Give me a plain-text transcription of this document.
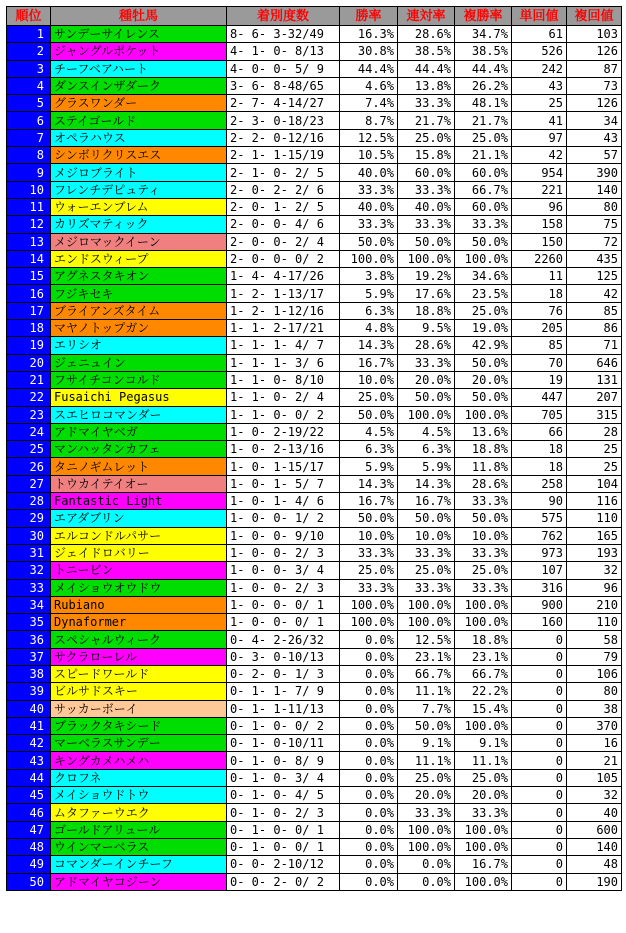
順位	種牡馬	着別度数	勝率	連対率	複勝率	単回値	複回値
1	サンデーサイレンス	8- 6- 3-32/49	16.3%	28.6%	34.7%	61	103
2	ジャングルポケット	4- 1- 0- 8/13	30.8%	38.5%	38.5%	526	126
3	チーフベアハート	4- 0- 0- 5/ 9	44.4%	44.4%	44.4%	242	87
4	ダンスインザダーク	3- 6- 8-48/65	4.6%	13.8%	26.2%	43	73
5	グラスワンダー	2- 7- 4-14/27	7.4%	33.3%	48.1%	25	126
6	ステイゴールド	2- 3- 0-18/23	8.7%	21.7%	21.7%	41	34
7	オペラハウス	2- 2- 0-12/16	12.5%	25.0%	25.0%	97	43
8	シンボリクリスエス	2- 1- 1-15/19	10.5%	15.8%	21.1%	42	57
9	メジロブライト	2- 1- 0- 2/ 5	40.0%	60.0%	60.0%	954	390
10	フレンチデピュティ	2- 0- 2- 2/ 6	33.3%	33.3%	66.7%	221	140
11	ウォーエンブレム	2- 0- 1- 2/ 5	40.0%	40.0%	60.0%	96	80
12	カリズマティック	2- 0- 0- 4/ 6	33.3%	33.3%	33.3%	158	75
13	メジロマックイーン	2- 0- 0- 2/ 4	50.0%	50.0%	50.0%	150	72
14	エンドスウィープ	2- 0- 0- 0/ 2	100.0%	100.0%	100.0%	2260	435
15	アグネスタキオン	1- 4- 4-17/26	3.8%	19.2%	34.6%	11	125
16	フジキセキ	1- 2- 1-13/17	5.9%	17.6%	23.5%	18	42
17	ブライアンズタイム	1- 2- 1-12/16	6.3%	18.8%	25.0%	76	85
18	マヤノトップガン	1- 1- 2-17/21	4.8%	9.5%	19.0%	205	86
19	エリシオ	1- 1- 1- 4/ 7	14.3%	28.6%	42.9%	85	71
20	ジェニュイン	1- 1- 1- 3/ 6	16.7%	33.3%	50.0%	70	646
21	フサイチコンコルド	1- 1- 0- 8/10	10.0%	20.0%	20.0%	19	131
22	Fusaichi Pegasus	1- 1- 0- 2/ 4	25.0%	50.0%	50.0%	447	207
23	スエヒロコマンダー	1- 1- 0- 0/ 2	50.0%	100.0%	100.0%	705	315
24	アドマイヤベガ	1- 0- 2-19/22	4.5%	4.5%	13.6%	66	28
25	マンハッタンカフェ	1- 0- 2-13/16	6.3%	6.3%	18.8%	18	25
26	タニノギムレット	1- 0- 1-15/17	5.9%	5.9%	11.8%	18	25
27	トウカイテイオー	1- 0- 1- 5/ 7	14.3%	14.3%	28.6%	258	104
28	Fantastic Light	1- 0- 1- 4/ 6	16.7%	16.7%	33.3%	90	116
29	エアダブリン	1- 0- 0- 1/ 2	50.0%	50.0%	50.0%	575	110
30	エルコンドルパサー	1- 0- 0- 9/10	10.0%	10.0%	10.0%	762	165
31	ジェイドロバリー	1- 0- 0- 2/ 3	33.3%	33.3%	33.3%	973	193
32	トニービン	1- 0- 0- 3/ 4	25.0%	25.0%	25.0%	107	32
33	メイショウオウドウ	1- 0- 0- 2/ 3	33.3%	33.3%	33.3%	316	96
34	Rubiano	1- 0- 0- 0/ 1	100.0%	100.0%	100.0%	900	210
35	Dynaformer	1- 0- 0- 0/ 1	100.0%	100.0%	100.0%	160	110
36	スペシャルウィーク	0- 4- 2-26/32	0.0%	12.5%	18.8%	0	58
37	サクラローレル	0- 3- 0-10/13	0.0%	23.1%	23.1%	0	79
38	スピードワールド	0- 2- 0- 1/ 3	0.0%	66.7%	66.7%	0	106
39	ビルサドスキー	0- 1- 1- 7/ 9	0.0%	11.1%	22.2%	0	80
40	サッカーボーイ	0- 1- 1-11/13	0.0%	7.7%	15.4%	0	38
41	ブラックタキシード	0- 1- 0- 0/ 2	0.0%	50.0%	100.0%	0	370
42	マーベラスサンデー	0- 1- 0-10/11	0.0%	9.1%	9.1%	0	16
43	キングカメハメハ	0- 1- 0- 8/ 9	0.0%	11.1%	11.1%	0	21
44	クロフネ	0- 1- 0- 3/ 4	0.0%	25.0%	25.0%	0	105
45	メイショウドトウ	0- 1- 0- 4/ 5	0.0%	20.0%	20.0%	0	32
46	ムタファーウエク	0- 1- 0- 2/ 3	0.0%	33.3%	33.3%	0	40
47	ゴールドアリュール	0- 1- 0- 0/ 1	0.0%	100.0%	100.0%	0	600
48	ウインマーベラス	0- 1- 0- 0/ 1	0.0%	100.0%	100.0%	0	140
49	コマンダーインチーフ	0- 0- 2-10/12	0.0%	0.0%	16.7%	0	48
50	アドマイヤコジーン	0- 0- 2- 0/ 2	0.0%	0.0%	100.0%	0	190
